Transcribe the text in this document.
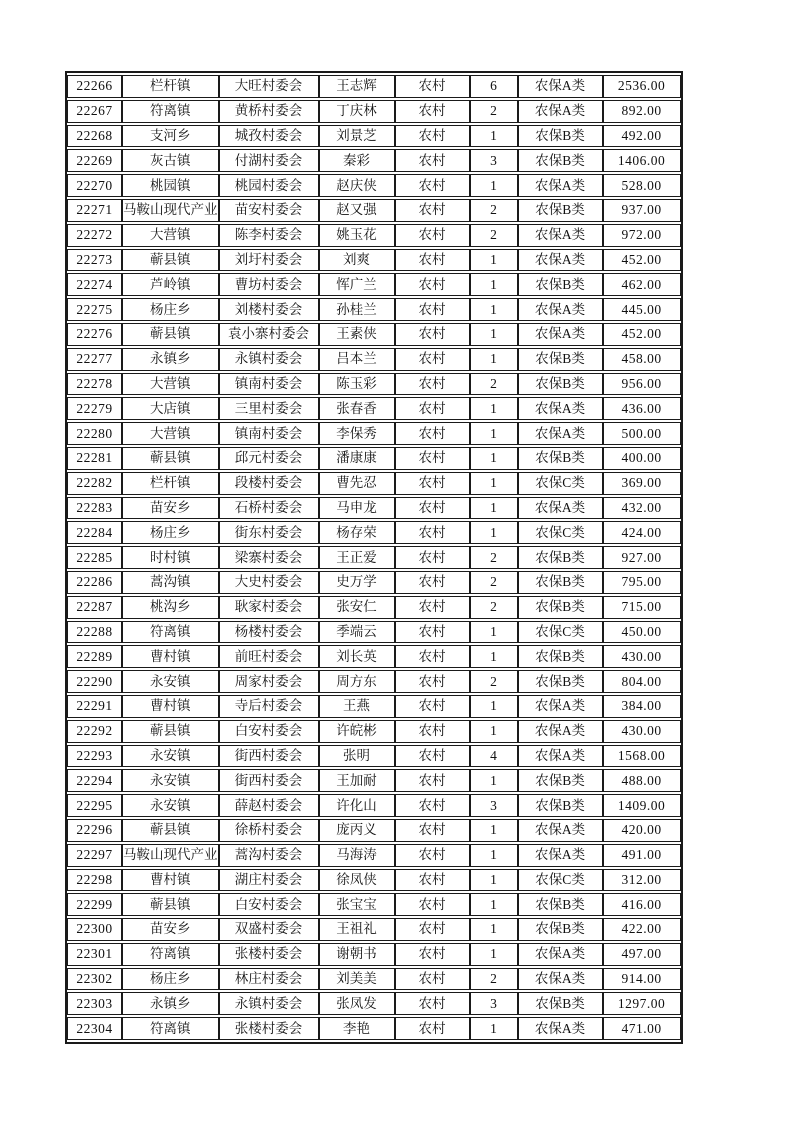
22266	栏杆镇	大旺村委会	王志辉	农村	6	农保A类	2536.00
22267	符离镇	黄桥村委会	丁庆林	农村	2	农保A类	892.00
22268	支河乡	城孜村委会	刘景芝	农村	1	农保B类	492.00
22269	灰古镇	付湖村委会	秦彩	农村	3	农保B类	1406.00
22270	桃园镇	桃园村委会	赵庆侠	农村	1	农保A类	528.00
22271	马鞍山现代产业	苗安村委会	赵又强	农村	2	农保B类	937.00
22272	大营镇	陈李村委会	姚玉花	农村	2	农保A类	972.00
22273	蕲县镇	刘圩村委会	刘爽	农村	1	农保A类	452.00
22274	芦岭镇	曹坊村委会	恽广兰	农村	1	农保B类	462.00
22275	杨庄乡	刘楼村委会	孙桂兰	农村	1	农保A类	445.00
22276	蕲县镇	袁小寨村委会	王素侠	农村	1	农保A类	452.00
22277	永镇乡	永镇村委会	吕本兰	农村	1	农保B类	458.00
22278	大营镇	镇南村委会	陈玉彩	农村	2	农保B类	956.00
22279	大店镇	三里村委会	张春香	农村	1	农保A类	436.00
22280	大营镇	镇南村委会	李保秀	农村	1	农保A类	500.00
22281	蕲县镇	邱元村委会	潘康康	农村	1	农保B类	400.00
22282	栏杆镇	段楼村委会	曹先忍	农村	1	农保C类	369.00
22283	苗安乡	石桥村委会	马申龙	农村	1	农保A类	432.00
22284	杨庄乡	街东村委会	杨存荣	农村	1	农保C类	424.00
22285	时村镇	梁寨村委会	王正爱	农村	2	农保B类	927.00
22286	蒿沟镇	大史村委会	史万学	农村	2	农保B类	795.00
22287	桃沟乡	耿家村委会	张安仁	农村	2	农保B类	715.00
22288	符离镇	杨楼村委会	季端云	农村	1	农保C类	450.00
22289	曹村镇	前旺村委会	刘长英	农村	1	农保B类	430.00
22290	永安镇	周家村委会	周方东	农村	2	农保B类	804.00
22291	曹村镇	寺后村委会	王燕	农村	1	农保A类	384.00
22292	蕲县镇	白安村委会	许皖彬	农村	1	农保A类	430.00
22293	永安镇	街西村委会	张明	农村	4	农保A类	1568.00
22294	永安镇	街西村委会	王加耐	农村	1	农保B类	488.00
22295	永安镇	薛赵村委会	许化山	农村	3	农保B类	1409.00
22296	蕲县镇	徐桥村委会	庞丙义	农村	1	农保A类	420.00
22297	马鞍山现代产业	蒿沟村委会	马海涛	农村	1	农保A类	491.00
22298	曹村镇	湖庄村委会	徐凤侠	农村	1	农保C类	312.00
22299	蕲县镇	白安村委会	张宝宝	农村	1	农保B类	416.00
22300	苗安乡	双盛村委会	王祖礼	农村	1	农保B类	422.00
22301	符离镇	张楼村委会	谢朝书	农村	1	农保A类	497.00
22302	杨庄乡	林庄村委会	刘美美	农村	2	农保A类	914.00
22303	永镇乡	永镇村委会	张凤发	农村	3	农保B类	1297.00
22304	符离镇	张楼村委会	李艳	农村	1	农保A类	471.00
